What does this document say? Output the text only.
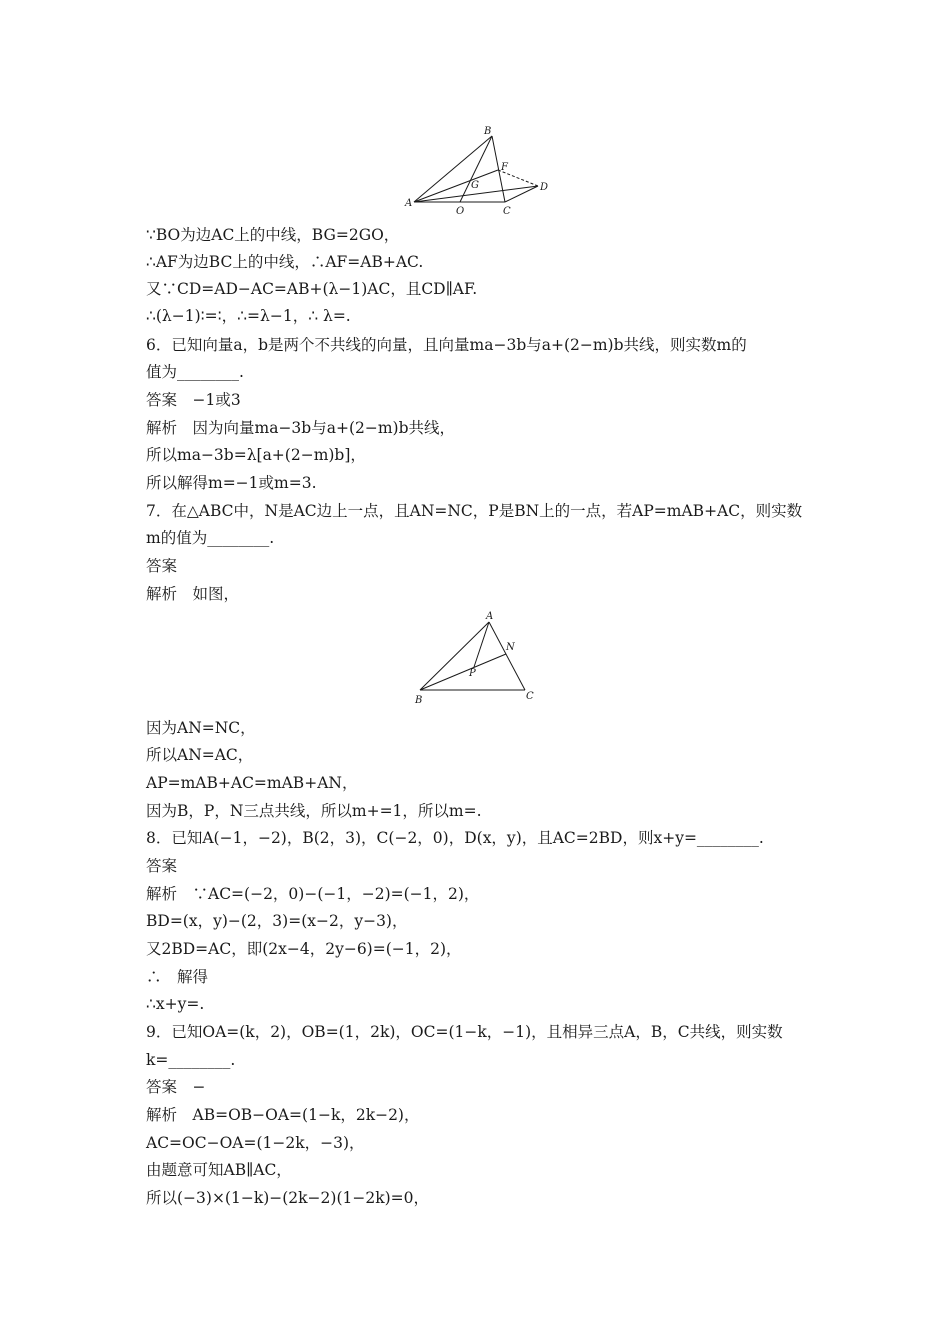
B
F
G	D
A
O	C
∵BO为边AC上的中线，BG=2GO，
∴AF为边BC上的中线，∴AF=AB+AC.
又∵CD=AD−AC=AB+(λ−1)AC，且CD∥AF.
∴(λ−1)∶=∶，∴=λ−1，∴ λ=.
6．已知向量a，b是两个不共线的向量，且向量ma−3b与a+(2−m)b共线，则实数m的
值为________.
答案　−1或3
解析　因为向量ma−3b与a+(2−m)b共线，
所以ma−3b=λ[a+(2−m)b]，
所以解得m=−1或m=3.
7．在△ABC中，N是AC边上一点，且AN=NC，P是BN上的一点，若AP=mAB+AC，则实数
m的值为________.
答案
解析　如图，
A
N
P
B	C
因为AN=NC，
所以AN=AC，
AP=mAB+AC=mAB+AN，
因为B，P，N三点共线，所以m+=1，所以m=.
8．已知A(−1，−2)，B(2，3)，C(−2，0)，D(x，y)，且AC=2BD，则x+y=________.
答案
解析　∵AC=(−2，0)−(−1，−2)=(−1，2)，
BD=(x，y)−(2，3)=(x−2，y−3)，
又2BD=AC，即(2x−4，2y−6)=(−1，2)，
∴　解得
∴x+y=.
9．已知OA=(k，2)，OB=(1，2k)，OC=(1−k，−1)，且相异三点A，B，C共线，则实数
k=________.
答案　−
解析　AB=OB−OA=(1−k，2k−2)，
AC=OC−OA=(1−2k，−3)，
由题意可知AB∥AC，
所以(−3)×(1−k)−(2k−2)(1−2k)=0，
